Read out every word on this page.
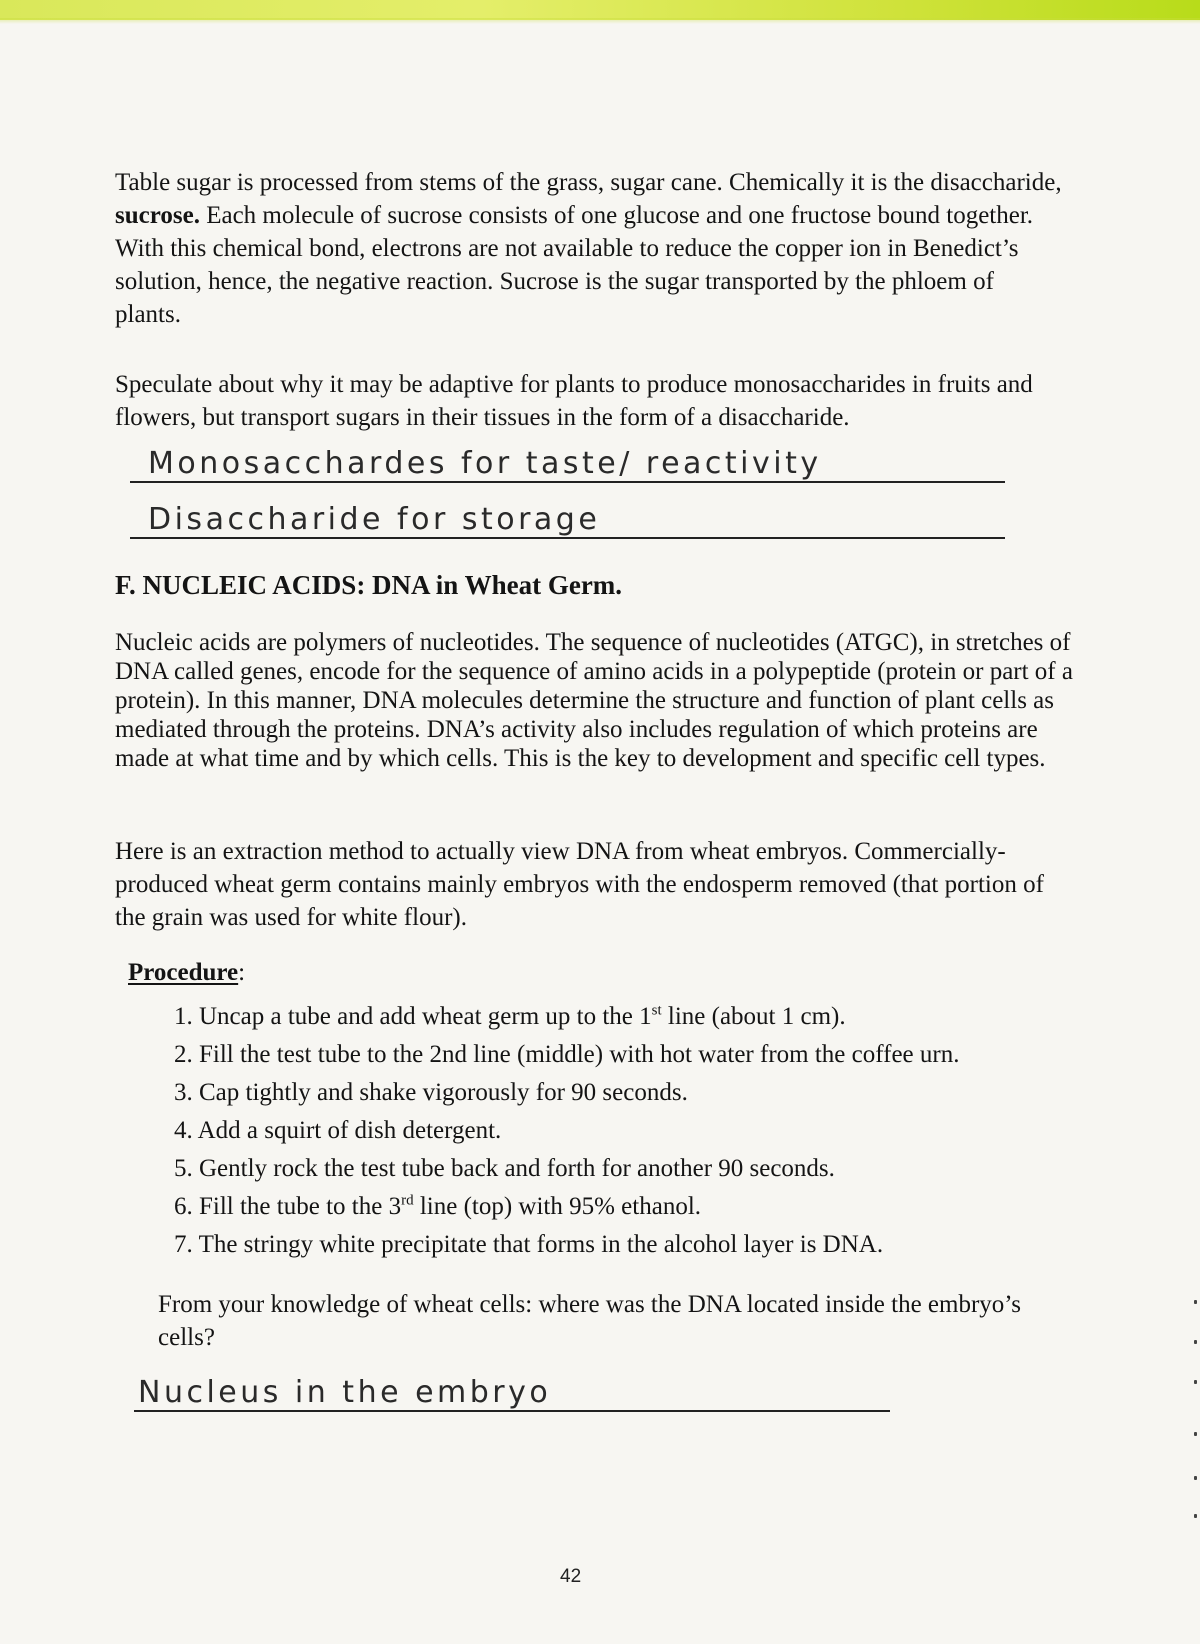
Table sugar is processed from stems of the grass, sugar cane. Chemically it is the disaccharide, sucrose. Each molecule of sucrose consists of one glucose and one fructose bound together. With this chemical bond, electrons are not available to reduce the copper ion in Benedict’s solution, hence, the negative reaction. Sucrose is the sugar transported by the phloem of plants.

Speculate about why it may be adaptive for plants to produce monosaccharides in fruits and flowers, but transport sugars in their tissues in the form of a disaccharide.

Monosacchardes for taste/ reactivity
Disaccharide for storage
F. NUCLEIC ACIDS: DNA in Wheat Germ.

Nucleic acids are polymers of nucleotides. The sequence of nucleotides (ATGC), in stretches of DNA called genes, encode for the sequence of amino acids in a polypeptide (protein or part of a protein). In this manner, DNA molecules determine the structure and function of plant cells as mediated through the proteins. DNA’s activity also includes regulation of which proteins are made at what time and by which cells. This is the key to development and specific cell types.

Here is an extraction method to actually view DNA from wheat embryos. Commercially-produced wheat germ contains mainly embryos with the endosperm removed (that portion of the grain was used for white flour).

Procedure:
1. Uncap a tube and add wheat germ up to the 1st line (about 1 cm).
2. Fill the test tube to the 2nd line (middle) with hot water from the coffee urn.
3. Cap tightly and shake vigorously for 90 seconds.
4. Add a squirt of dish detergent.
5. Gently rock the test tube back and forth for another 90 seconds.
6. Fill the tube to the 3rd line (top) with 95% ethanol.
7. The stringy white precipitate that forms in the alcohol layer is DNA.

From your knowledge of wheat cells: where was the DNA located inside the embryo’s cells?

Nucleus in the embryo
42
